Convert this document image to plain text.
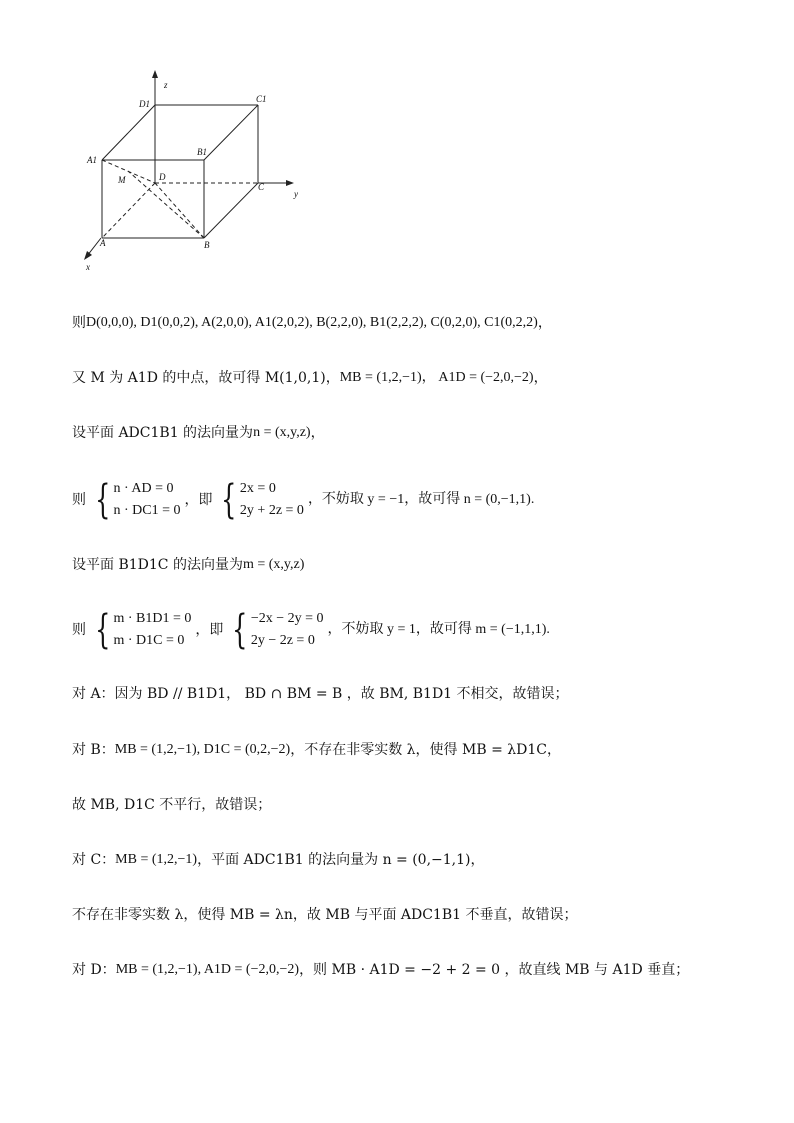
z
y
x
D1	C1
A1
B1
M	D
C
A	B
则 D(0,0,0), D1(0,0,2), A(2,0,0), A1(2,0,2), B(2,2,0), B1(2,2,2), C(0,2,0), C1(0,2,2) ，
又 M 为 A1D 的中点，故可得 M(1,0,1)， MB = (1,2,−1)， A1D = (−2,0,−2) ，
设平面 ADC1B1 的法向量为 n = (x,y,z) ，
则 { n · AD = 0
n · DC1 = 0
，即 { 2x = 0
2y + 2z = 0
，不妨取 y = −1，故可得 n = (0,−1,1).
设平面 B1D1C 的法向量为 m = (x,y,z)
则 { m · B1D1 = 0
m · D1C = 0
，即 { −2x − 2y = 0
2y − 2z = 0
，不妨取 y = 1，故可得 m = (−1,1,1).
对 A：因为 BD // B1D1， BD ∩ BM = B ，故 BM, B1D1 不相交，故错误；
对 B： MB = (1,2,−1), D1C = (0,2,−2) ，不存在非零实数 λ，使得 MB = λD1C，
故 MB, D1C 不平行，故错误；
对 C： MB = (1,2,−1) ，平面 ADC1B1 的法向量为 n = (0,−1,1)，
不存在非零实数 λ，使得 MB = λn，故 MB 与平面 ADC1B1 不垂直，故错误；
对 D： MB = (1,2,−1), A1D = (−2,0,−2) ，则 MB · A1D = −2 + 2 = 0 ，故直线 MB 与 A1D 垂直；
